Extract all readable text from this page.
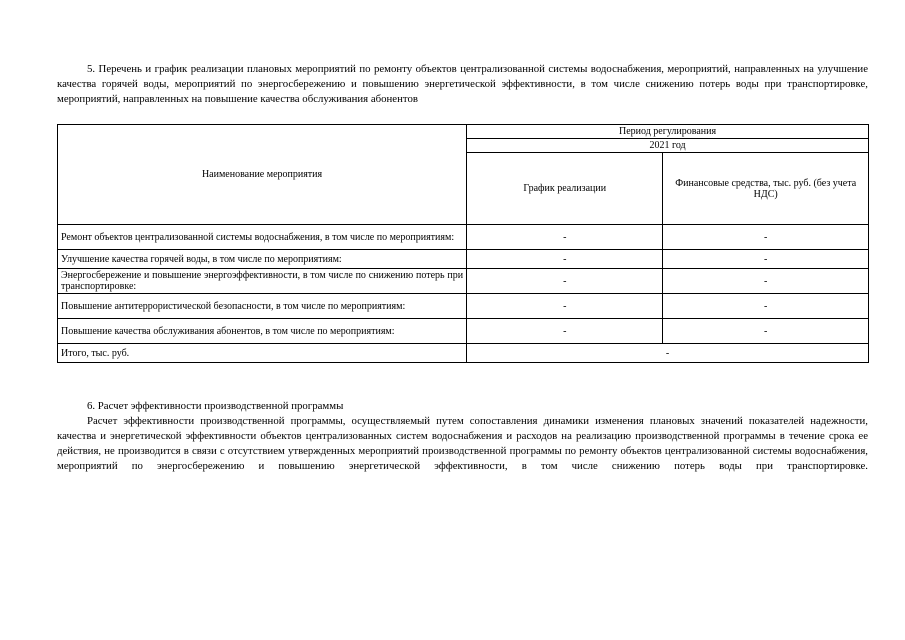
5. Перечень и график реализации плановых мероприятий по ремонту объектов централизованной системы водоснабжения, мероприятий, направленных на улучшение качества горячей воды, мероприятий по энергосбережению и повышению энергетической эффективности, в том числе снижению потерь воды при транспортировке, мероприятий, направленных на повышение качества обслуживания абонентов

Наименование мероприятия	Период регулирования	
	2021 год	
	График реализации	Финансовые средства, тыс. руб. (без учета НДС)
Ремонт объектов централизованной системы водоснабжения, в том числе по мероприятиям:	-	-
Улучшение качества горячей воды, в том числе по мероприятиям:	-	-
Энергосбережение и повышение энергоэффективности, в том числе по снижению потерь при транспортировке:	-	-
Повышение антитеррористической безопасности, в том числе по мероприятиям:	-	-
Повышение качества обслуживания абонентов, в том числе по мероприятиям:	-	-
Итого, тыс. руб.	-	

6. Расчет эффективности производственной программы

Расчет эффективности производственной программы, осуществляемый путем сопоставления динамики изменения плановых значений показателей надежности, качества и энергетической эффективности объектов централизованных систем водоснабжения и расходов на реализацию производственной программы в течение срока ее действия, не производится в связи с отсутствием утвержденных мероприятий производственной программы по ремонту объектов централизованной системы водоснабжения, мероприятий по энергосбережению и повышению энергетической эффективности, в том числе снижению потерь воды при транспортировке.
